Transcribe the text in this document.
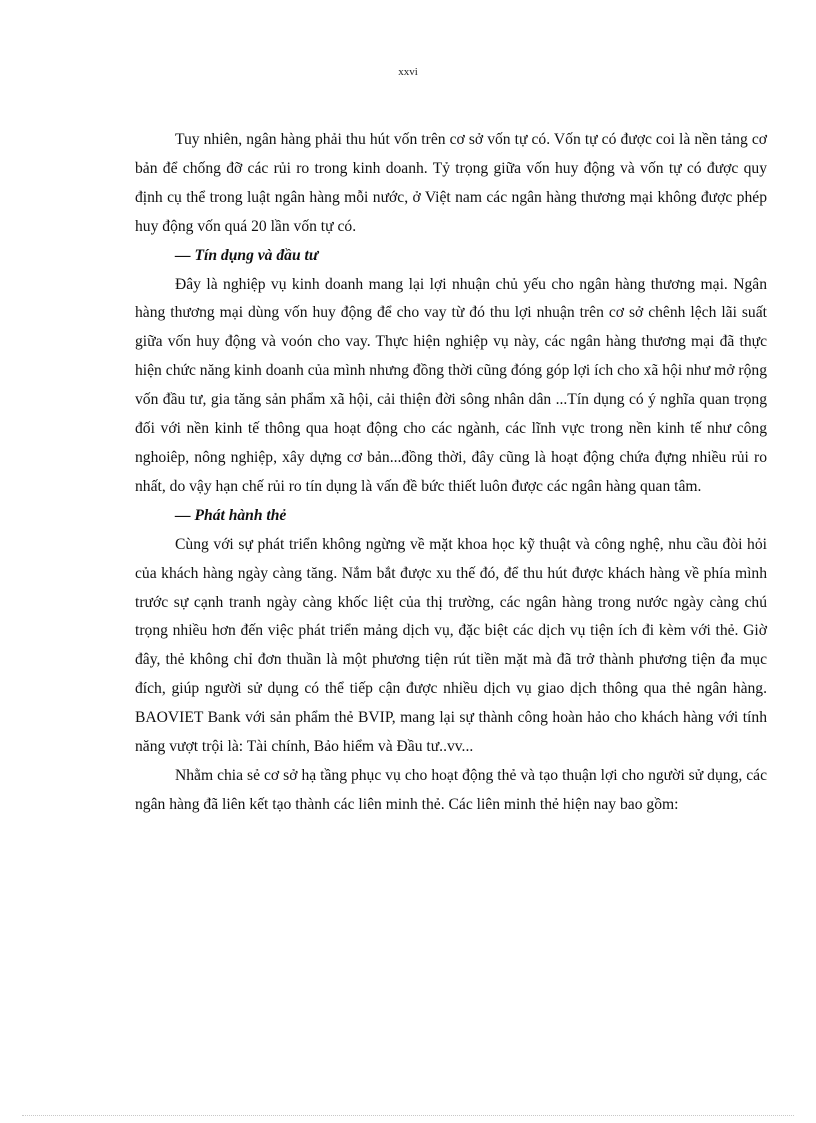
xxvi

Tuy nhiên, ngân hàng phải thu hút vốn trên cơ sở vốn tự có. Vốn tự có được coi là nền tảng cơ bản để chống đỡ các rủi ro trong kinh doanh. Tỷ trọng giữa vốn huy động và vốn tự có được quy định cụ thể trong luật ngân hàng mỗi nước, ở Việt nam các ngân hàng thương mại không được phép huy động vốn quá 20 lần vốn tự có.

— Tín dụng và đầu tư

Đây là nghiệp vụ kinh doanh mang lại lợi nhuận chủ yếu cho ngân hàng thương mại. Ngân hàng thương mại dùng vốn huy động để cho vay từ đó thu lợi nhuận trên cơ sở chênh lệch lãi suất giữa vốn huy động và voón cho vay. Thực hiện nghiệp vụ này, các ngân hàng thương mại đã thực hiện chức năng kinh doanh của mình nhưng đồng thời cũng đóng góp lợi ích cho xã hội như mở rộng vốn đầu tư, gia tăng sản phẩm xã hội, cải thiện đời sông nhân dân ...Tín dụng có ý nghĩa quan trọng đối với nền kinh tế thông qua hoạt động cho các ngành, các lĩnh vực trong nền kinh tế như công nghoiêp, nông nghiệp, xây dựng cơ bản...đồng thời, đây cũng là hoạt động chứa đựng nhiều rủi ro nhất, do vậy hạn chế rủi ro tín dụng là vấn đề bức thiết luôn được các ngân hàng quan tâm.

— Phát hành thẻ

Cùng với sự phát triển không ngừng về mặt khoa học kỹ thuật và công nghệ, nhu cầu đòi hỏi của khách hàng ngày càng tăng. Nắm bắt được xu thế đó, để thu hút được khách hàng về phía mình trước sự cạnh tranh ngày càng khốc liệt của thị trường, các ngân hàng trong nước ngày càng chú trọng nhiều hơn đến việc phát triển mảng dịch vụ, đặc biệt các dịch vụ tiện ích đi kèm với thẻ. Giờ đây, thẻ không chỉ đơn thuần là một phương tiện rút tiền mặt mà đã trở thành phương tiện đa mục đích, giúp người sử dụng có thể tiếp cận được nhiều dịch vụ giao dịch thông qua thẻ ngân hàng. BAOVIET Bank với sản phẩm thẻ BVIP, mang lại sự thành công hoàn hảo cho khách hàng với tính năng vượt trội là: Tài chính, Bảo hiểm và Đầu tư..vv...

Nhằm chia sẻ cơ sở hạ tầng phục vụ cho hoạt động thẻ và tạo thuận lợi cho người sử dụng, các ngân hàng đã liên kết tạo thành các liên minh thẻ. Các liên minh thẻ hiện nay bao gồm:
